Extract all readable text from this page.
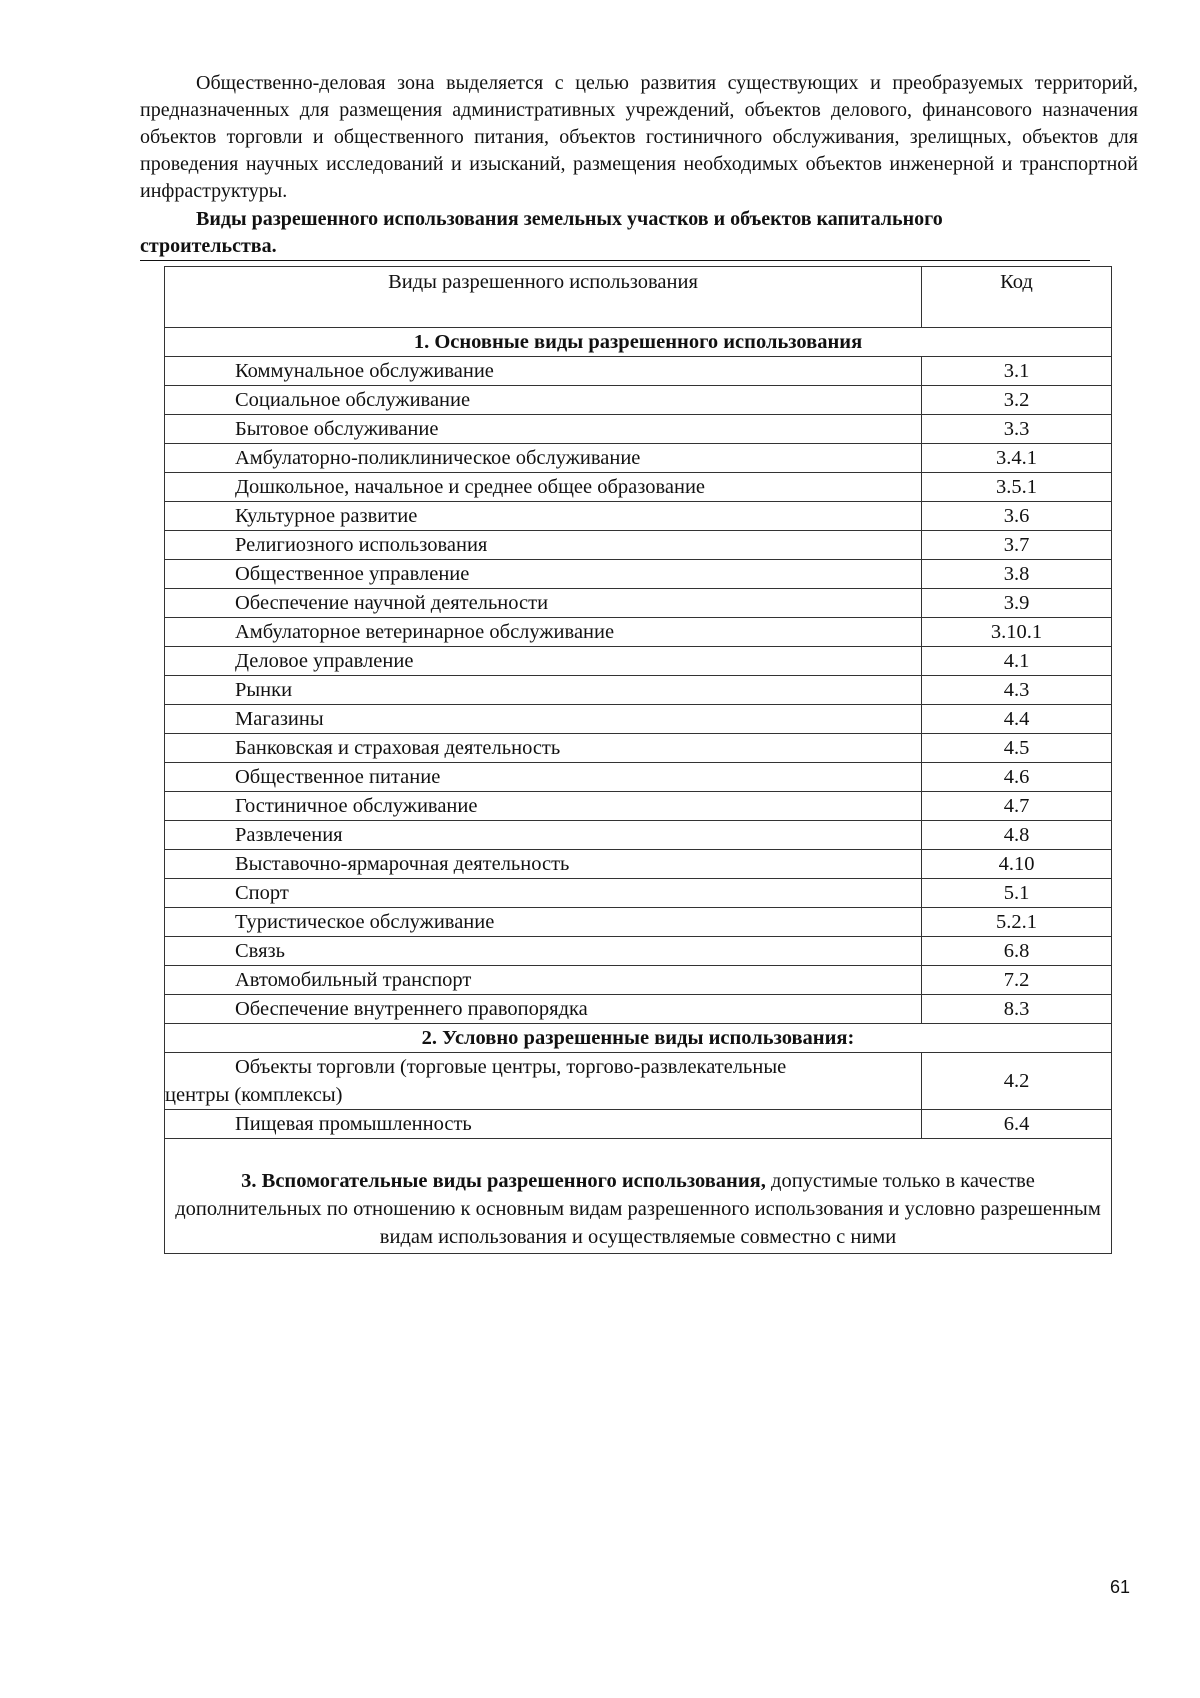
Общественно-деловая зона выделяется с целью развития существующих и преобразуемых территорий, предназначенных для размещения административных учреждений, объектов делового, финансового назначения объектов торговли и общественного питания, объектов гостиничного обслуживания, зрелищных, объектов для проведения научных исследований и изысканий, размещения необходимых объектов инженерной и транспортной инфраструктуры.

Виды разрешенного использования земельных участков и объектов капитального
строительства.
Виды разрешенного использования	Код
1. Основные виды разрешенного использования	
Коммунальное обслуживание	3.1
Социальное обслуживание	3.2
Бытовое обслуживание	3.3
Амбулаторно-поликлиническое обслуживание	3.4.1
Дошкольное, начальное и среднее общее образование	3.5.1
Культурное развитие	3.6
Религиозного использования	3.7
Общественное управление	3.8
Обеспечение научной деятельности	3.9
Амбулаторное ветеринарное обслуживание	3.10.1
Деловое управление	4.1
Рынки	4.3
Магазины	4.4
Банковская и страховая деятельность	4.5
Общественное питание	4.6
Гостиничное обслуживание	4.7
Развлечения	4.8
Выставочно-ярмарочная деятельность	4.10
Спорт	5.1
Туристическое обслуживание	5.2.1
Связь	6.8
Автомобильный транспорт	7.2
Обеспечение внутреннего правопорядка	8.3
2. Условно разрешенные виды использования:	

Объекты торговли (торговые центры, торгово-развлекательные
центры (комплексы)	4.2

Пищевая промышленность	6.4
3. Вспомогательные виды разрешенного использования, допустимые только в качестве дополнительных по отношению к основным видам разрешенного использования и условно разрешенным видам использования и осуществляемые совместно с ними	
61
